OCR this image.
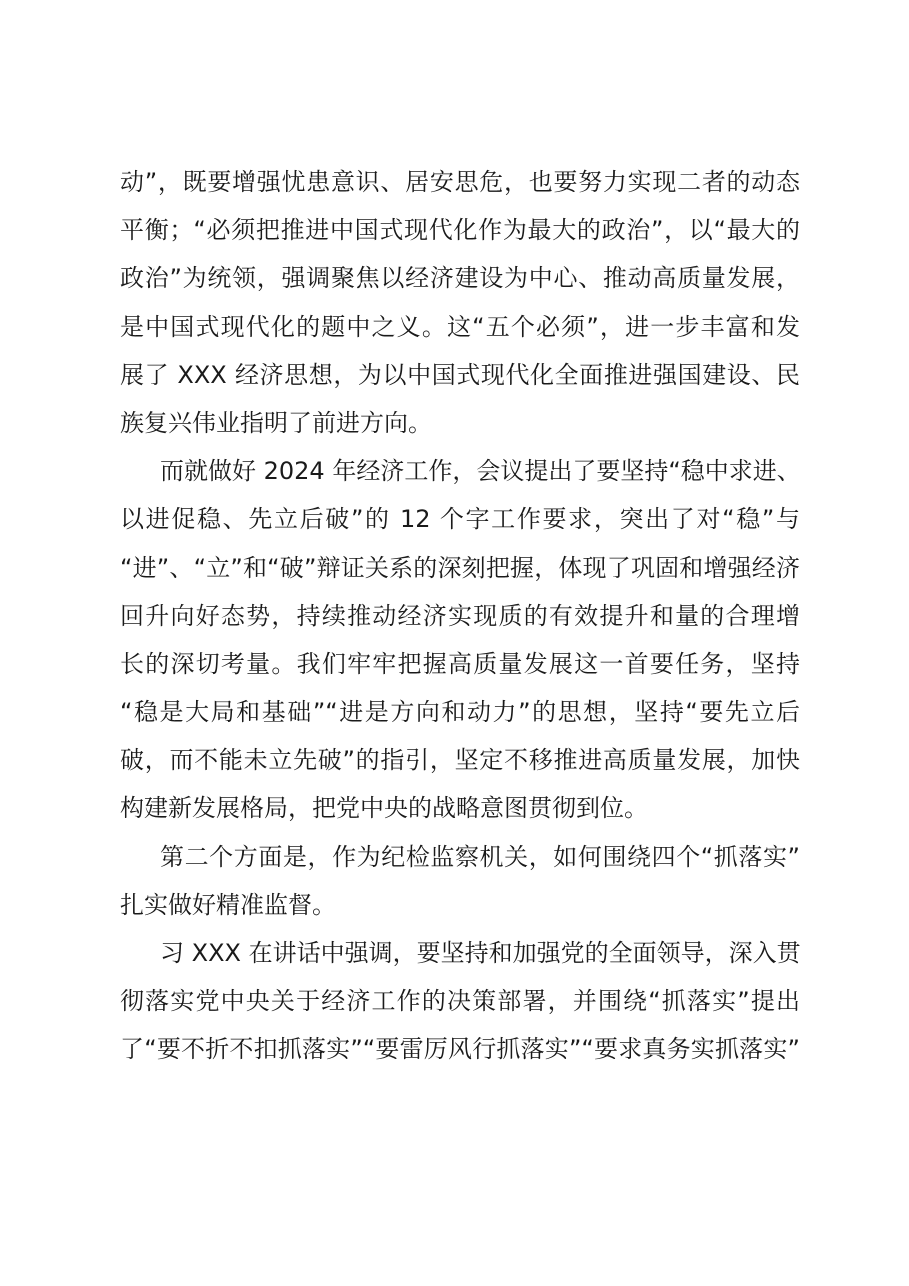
动”，既要增强忧患意识、居安思危，也要努力实现二者的动态
平衡；“必须把推进中国式现代化作为最大的政治”，以“最大的
政治”为统领，强调聚焦以经济建设为中心、推动高质量发展，
是中国式现代化的题中之义。这“五个必须”，进一步丰富和发
展了 XXX 经济思想，为以中国式现代化全面推进强国建设、民
族复兴伟业指明了前进方向。
而就做好 2024 年经济工作，会议提出了要坚持“稳中求进、
以进促稳、先立后破”的 12 个字工作要求，突出了对“稳”与
“进”、“立”和“破”辩证关系的深刻把握，体现了巩固和增强经济
回升向好态势，持续推动经济实现质的有效提升和量的合理增
长的深切考量。我们牢牢把握高质量发展这一首要任务，坚持
“稳是大局和基础”“进是方向和动力”的思想，坚持“要先立后
破，而不能未立先破”的指引，坚定不移推进高质量发展，加快
构建新发展格局，把党中央的战略意图贯彻到位。
第二个方面是，作为纪检监察机关，如何围绕四个“抓落实”
扎实做好精准监督。
习 XXX 在讲话中强调，要坚持和加强党的全面领导，深入贯
彻落实党中央关于经济工作的决策部署，并围绕“抓落实”提出
了“要不折不扣抓落实”“要雷厉风行抓落实”“要求真务实抓落实”
